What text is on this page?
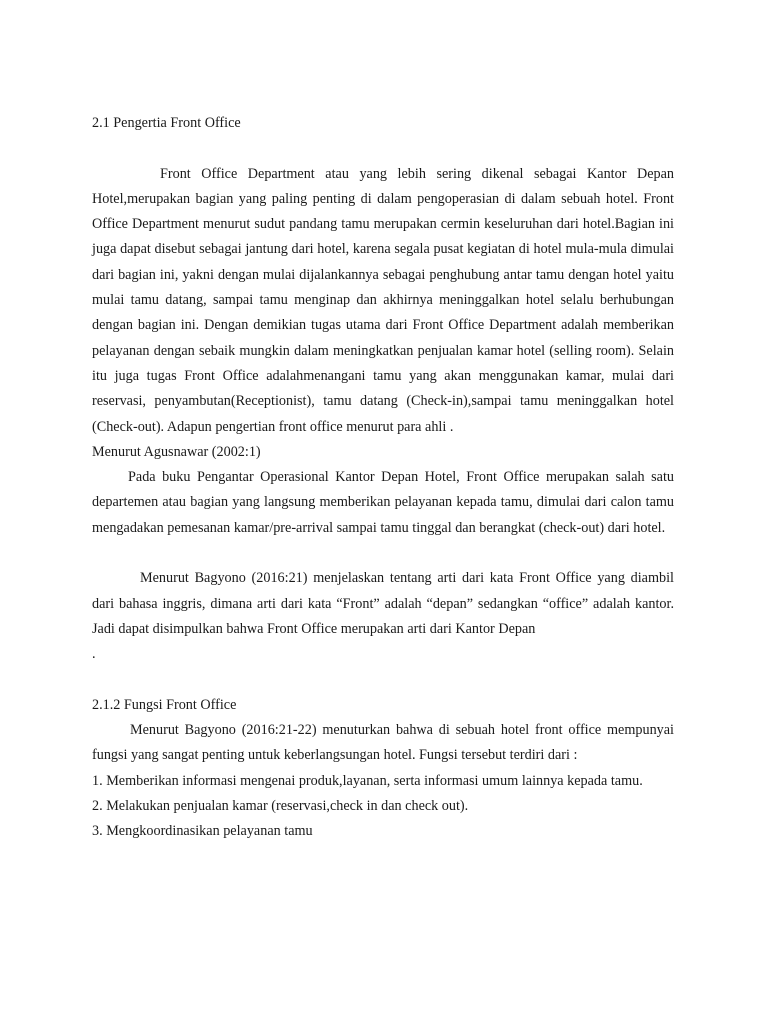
2.1 Pengertia Front Office

Front Office Department atau yang lebih sering dikenal sebagai Kantor Depan Hotel,merupakan bagian yang paling penting di dalam pengoperasian di dalam sebuah hotel. Front Office Department menurut sudut pandang tamu merupakan cermin keseluruhan dari hotel.Bagian ini juga dapat disebut sebagai jantung dari hotel, karena segala pusat kegiatan di hotel mula-mula dimulai dari bagian ini, yakni dengan mulai dijalankannya sebagai penghubung antar tamu dengan hotel yaitu mulai tamu datang, sampai tamu menginap dan akhirnya meninggalkan hotel selalu berhubungan dengan bagian ini. Dengan demikian tugas utama dari Front Office Department adalah memberikan pelayanan dengan sebaik mungkin dalam meningkatkan penjualan kamar hotel (selling room). Selain itu juga tugas Front Office adalahmenangani tamu yang akan menggunakan kamar, mulai dari reservasi, penyambutan(Receptionist), tamu datang (Check-in),sampai tamu meninggalkan hotel (Check-out). Adapun pengertian front office menurut para ahli .

Menurut Agusnawar (2002:1)

Pada buku Pengantar Operasional Kantor Depan Hotel, Front Office merupakan salah satu departemen atau bagian yang langsung memberikan pelayanan kepada tamu, dimulai dari calon tamu mengadakan pemesanan kamar/pre-arrival sampai tamu tinggal dan berangkat (check-out) dari hotel.

Menurut Bagyono (2016:21) menjelaskan tentang arti dari kata Front Office yang diambil dari bahasa inggris, dimana arti dari kata “Front” adalah “depan” sedangkan “office” adalah kantor. Jadi dapat disimpulkan bahwa Front Office merupakan arti dari Kantor Depan

.

2.1.2 Fungsi Front Office

Menurut Bagyono (2016:21-22) menuturkan bahwa di sebuah hotel front office mempunyai fungsi yang sangat penting untuk keberlangsungan hotel. Fungsi tersebut terdiri dari :

1. Memberikan informasi mengenai produk,layanan, serta informasi umum lainnya kepada tamu.

2. Melakukan penjualan kamar (reservasi,check in dan check out).

3. Mengkoordinasikan pelayanan tamu
